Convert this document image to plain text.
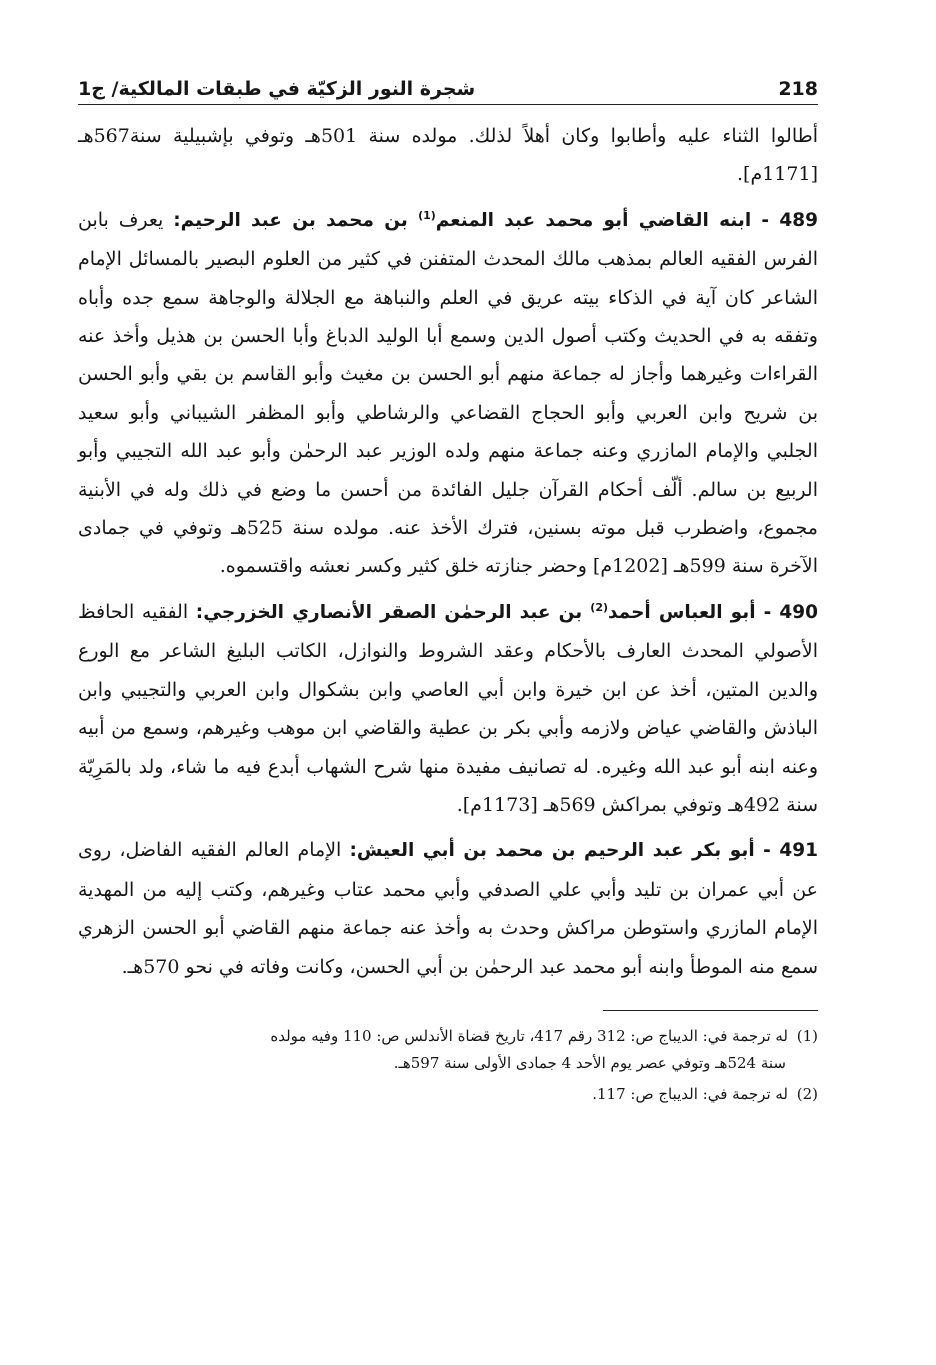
218
شجرة النور الزكيّة في طبقات المالكية/ ج1

أطالوا الثناء عليه وأطابوا وكان أهلاً لذلك. مولده سنة 501هـ وتوفي بإشبيلية سنة567هـ [1171م].

489 - ابنه القاضي أبو محمد عبد المنعم$^{(1)}$ بن محمد بن عبد الرحيم: يعرف بابن الفرس الفقيه العالم بمذهب مالك المحدث المتفنن في كثير من العلوم البصير بالمسائل الإمام الشاعر كان آية في الذكاء بيته عريق في العلم والنباهة مع الجلالة والوجاهة سمع جده وأباه وتفقه به في الحديث وكتب أصول الدين وسمع أبا الوليد الدباغ وأبا الحسن بن هذيل وأخذ عنه القراءات وغيرهما وأجاز له جماعة منهم أبو الحسن بن مغيث وأبو القاسم بن بقي وأبو الحسن بن شريح وابن العربي وأبو الحجاج القضاعي والرشاطي وأبو المظفر الشيباني وأبو سعيد الجلبي والإمام المازري وعنه جماعة منهم ولده الوزير عبد الرحمٰن وأبو عبد الله التجيبي وأبو الربيع بن سالم. ألّف أحكام القرآن جليل الفائدة من أحسن ما وضع في ذلك وله في الأبنية مجموع، واضطرب قبل موته بسنين، فترك الأخذ عنه. مولده سنة 525هـ وتوفي في جمادى الآخرة سنة 599هـ [1202م] وحضر جنازته خلق كثير وكسر نعشه واقتسموه.

490 - أبو العباس أحمد$^{(2)}$ بن عبد الرحمٰن الصقر الأنصاري الخزرجي: الفقيه الحافظ الأصولي المحدث العارف بالأحكام وعقد الشروط والنوازل، الكاتب البليغ الشاعر مع الورع والدين المتين، أخذ عن ابن خيرة وابن أبي العاصي وابن بشكوال وابن العربي والتجيبي وابن الباذش والقاضي عياض ولازمه وأبي بكر بن عطية والقاضي ابن موهب وغيرهم، وسمع من أبيه وعنه ابنه أبو عبد الله وغيره. له تصانيف مفيدة منها شرح الشهاب أبدع فيه ما شاء، ولد بالمَرِيّة سنة 492هـ وتوفي بمراكش 569هـ [1173م].

491 - أبو بكر عبد الرحيم بن محمد بن أبي العيش: الإمام العالم الفقيه الفاضل، روى عن أبي عمران بن تليد وأبي علي الصدفي وأبي محمد عتاب وغيرهم، وكتب إليه من المهدية الإمام المازري واستوطن مراكش وحدث به وأخذ عنه جماعة منهم القاضي أبو الحسن الزهري سمع منه الموطأ وابنه أبو محمد عبد الرحمٰن بن أبي الحسن، وكانت وفاته في نحو 570هـ.

(1)له ترجمة في: الديباج ص: 312 رقم 417، تاريخ قضاة الأندلس ص: 110 وفيه مولده
سنة 524هـ وتوفي عصر يوم الأحد 4 جمادى الأولى سنة 597هـ.

(2)له ترجمة في: الديباج ص: 117.
